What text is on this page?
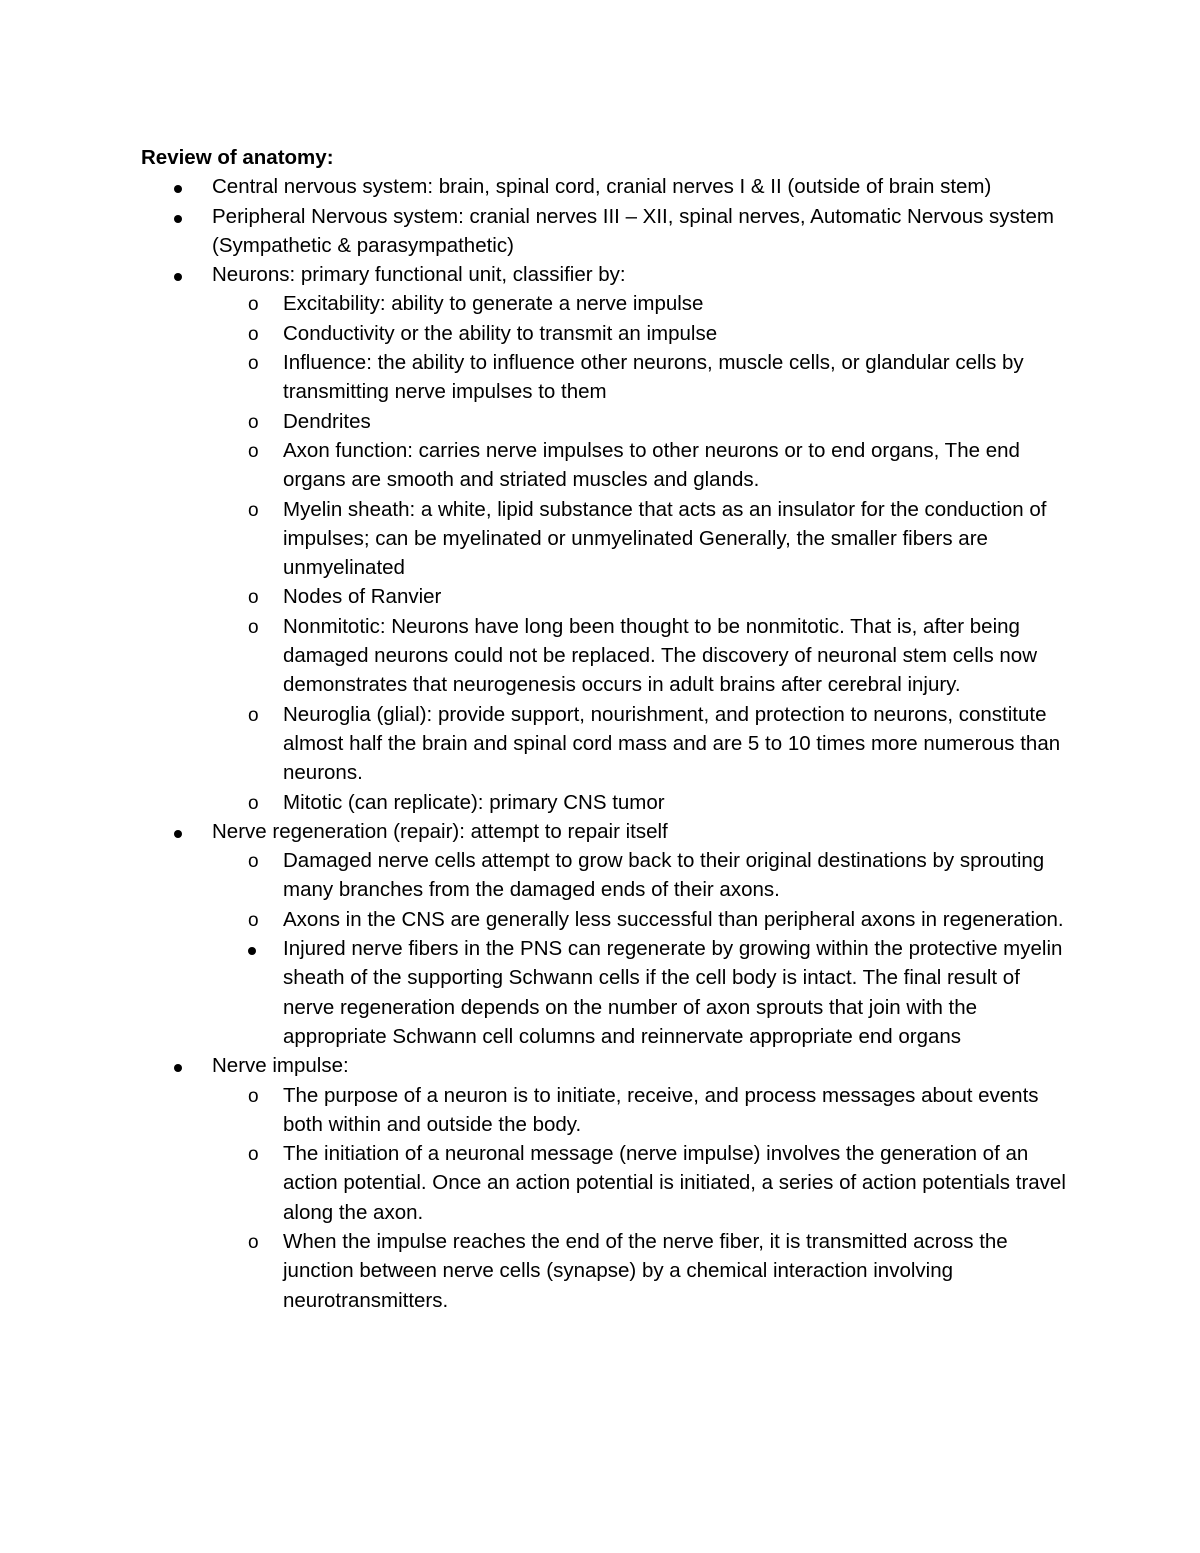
Review of anatomy:

Central nervous system: brain, spinal cord, cranial nerves I & II (outside of brain stem)
Peripheral Nervous system: cranial nerves III – XII, spinal nerves, Automatic Nervous system (Sympathetic & parasympathetic)
Neurons: primary functional unit, classifier by:
o	Excitability: ability to generate a nerve impulse
o	Conductivity or the ability to transmit an impulse
o	Influence: the ability to influence other neurons, muscle cells, or glandular cells by transmitting nerve impulses to them
o	Dendrites
o	Axon function: carries nerve impulses to other neurons or to end organs, The end organs are smooth and striated muscles and glands.
o	Myelin sheath: a white, lipid substance that acts as an insulator for the conduction of impulses; can be myelinated or unmyelinated Generally, the smaller fibers are unmyelinated
o	Nodes of Ranvier
o	Nonmitotic: Neurons have long been thought to be nonmitotic. That is, after being damaged neurons could not be replaced. The discovery of neuronal stem cells now demonstrates that neurogenesis occurs in adult brains after cerebral injury.
o	Neuroglia (glial): provide support, nourishment, and protection to neurons, constitute almost half the brain and spinal cord mass and are 5 to 10 times more numerous than neurons.
o	Mitotic (can replicate): primary CNS tumor
Nerve regeneration (repair): attempt to repair itself
o	Damaged nerve cells attempt to grow back to their original destinations by sprouting many branches from the damaged ends of their axons.
o	Axons in the CNS are generally less successful than peripheral axons in regeneration.
Injured nerve fibers in the PNS can regenerate by growing within the protective myelin sheath of the supporting Schwann cells if the cell body is intact. The final result of nerve regeneration depends on the number of axon sprouts that join with the appropriate Schwann cell columns and reinnervate appropriate end organs
Nerve impulse:
o	The purpose of a neuron is to initiate, receive, and process messages about events both within and outside the body.
o	The initiation of a neuronal message (nerve impulse) involves the generation of an action potential. Once an action potential is initiated, a series of action potentials travel along the axon.
o	When the impulse reaches the end of the nerve fiber, it is transmitted across the junction between nerve cells (synapse) by a chemical interaction involving neurotransmitters.
